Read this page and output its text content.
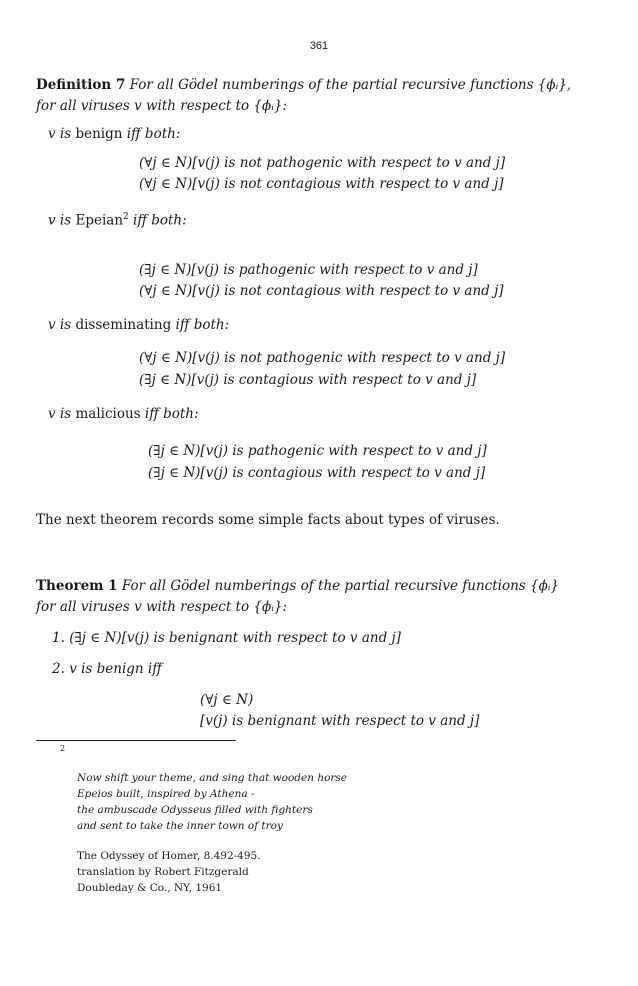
361
Definition 7 For all Gödel numberings of the partial recursive functions {ϕᵢ},
for all viruses v with respect to {ϕᵢ}:
v is benign iff both:
(∀j ∈ N)[v(j) is not pathogenic with respect to v and j]
(∀j ∈ N)[v(j) is not contagious with respect to v and j]
v is Epeian$^2$ iff both:
(∃j ∈ N)[v(j) is pathogenic with respect to v and j]
(∀j ∈ N)[v(j) is not contagious with respect to v and j]
v is disseminating iff both:
(∀j ∈ N)[v(j) is not pathogenic with respect to v and j]
(∃j ∈ N)[v(j) is contagious with respect to v and j]
v is malicious iff both:
(∃j ∈ N)[v(j) is pathogenic with respect to v and j]
(∃j ∈ N)[v(j) is contagious with respect to v and j]
The next theorem records some simple facts about types of viruses.
Theorem 1 For all Gödel numberings of the partial recursive functions {ϕᵢ}
for all viruses v with respect to {ϕᵢ}:
1. (∃j ∈ N)[v(j) is benignant with respect to v and j]
2. v is benign iff
(∀j ∈ N)
[v(j) is benignant with respect to v and j]
2
Now shift your theme, and sing that wooden horse
Epeios built, inspired by Athena -
the ambuscade Odysseus filled with fighters
and sent to take the inner town of troy
The Odyssey of Homer, 8.492-495.
translation by Robert Fitzgerald
Doubleday & Co., NY, 1961
